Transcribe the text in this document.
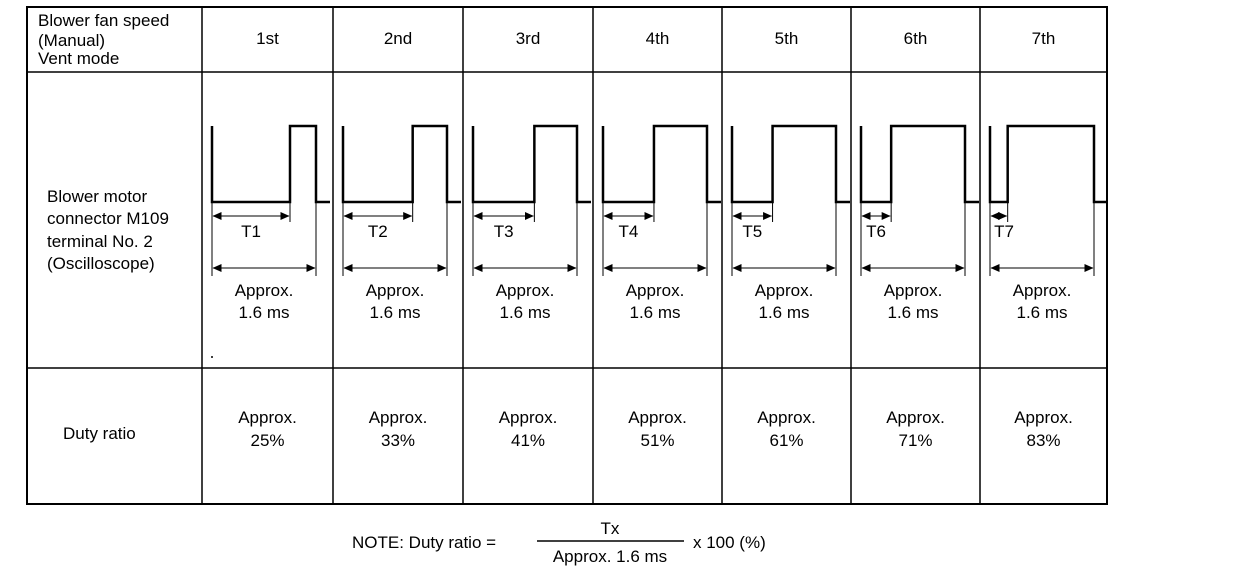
Blower fan speed (Manual) Vent mode
Blower motor connector M109 terminal No. 2 (Oscilloscope)
Duty ratio
1st
T1
Approx.
1.6 ms
Approx.
25%
2nd
T2
Approx.
1.6 ms
Approx.
33%
3rd
T3
Approx.
1.6 ms
Approx.
41%
4th
T4
Approx.
1.6 ms
Approx.
51%
5th
T5
Approx.
1.6 ms
Approx.
61%
6th
T6
Approx.
1.6 ms
Approx.
71%
7th
T7
Approx.
1.6 ms
Approx.
83%
NOTE: Duty ratio =
Tx
Approx. 1.6 ms
x 100 (%)
